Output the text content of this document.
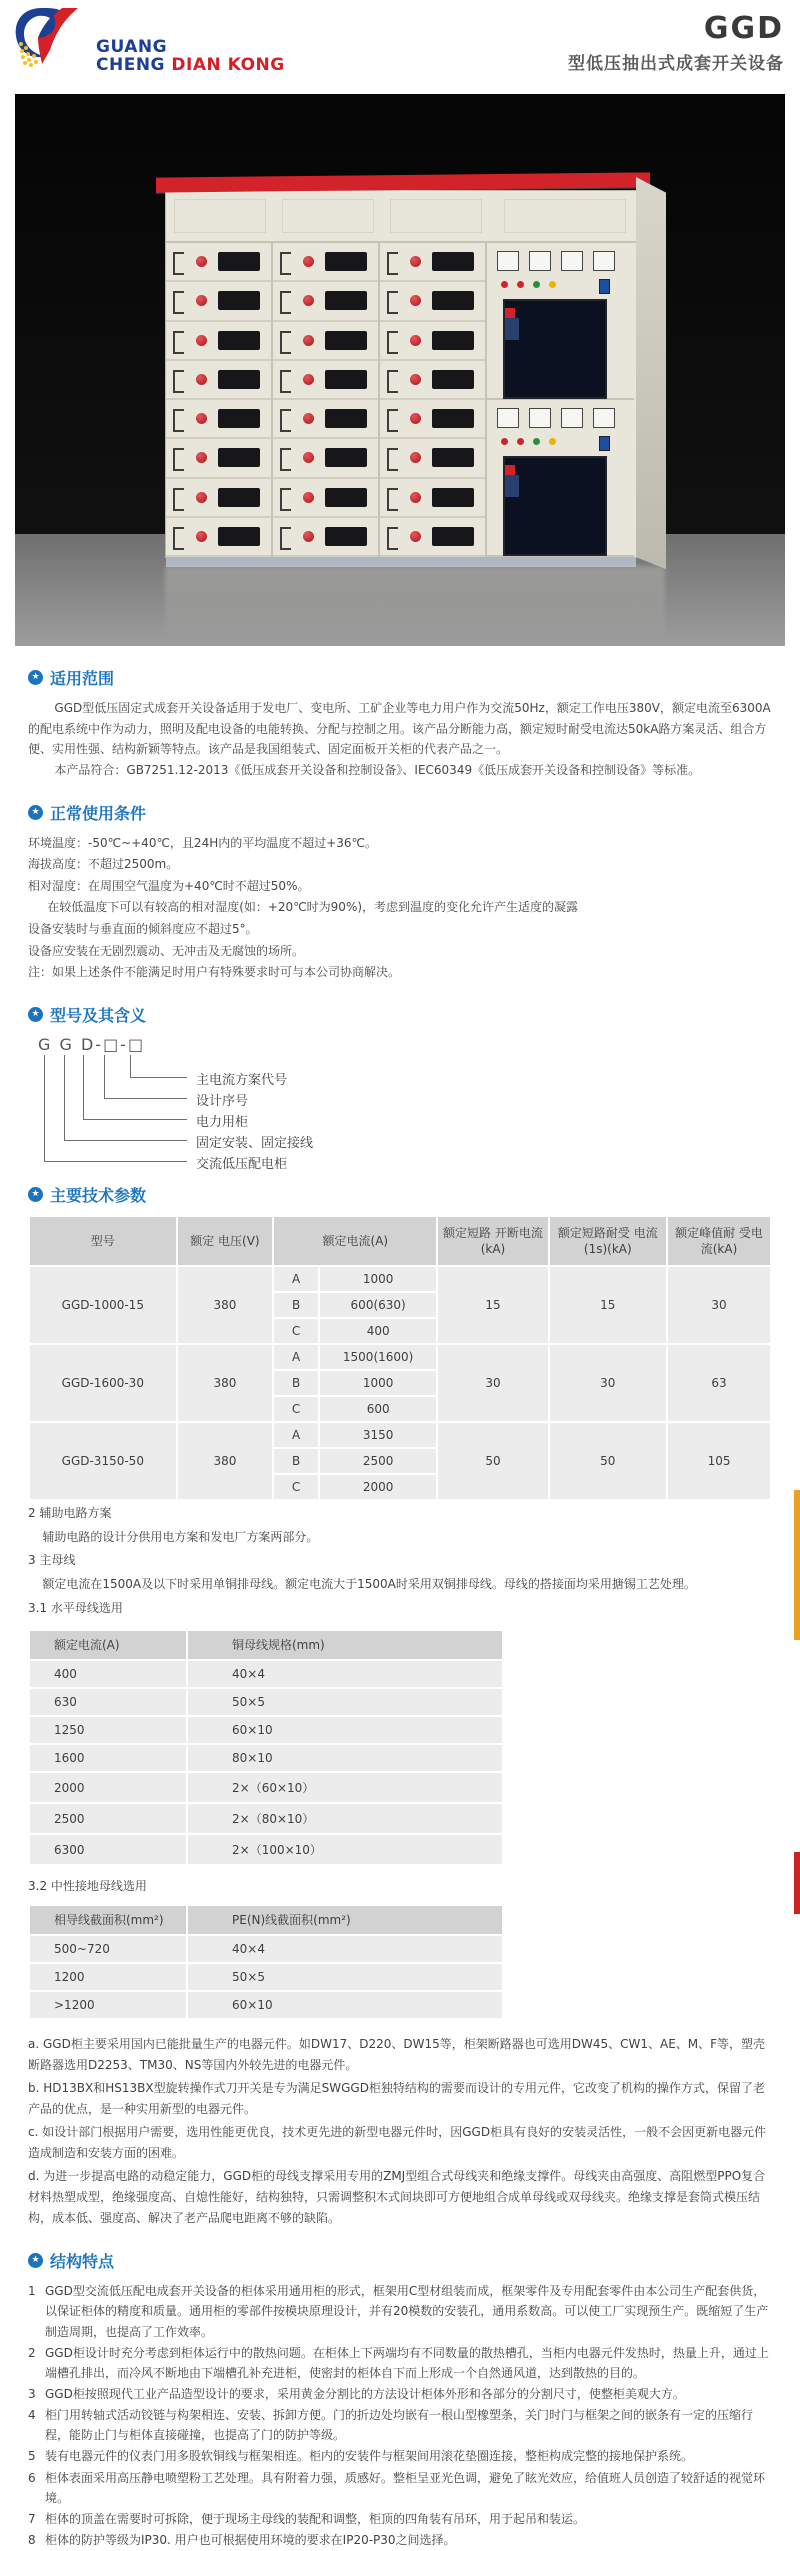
GUANG
CHENG DIAN KONG
GGD
型低压抽出式成套开关设备
★ 适用范围

GGD型低压固定式成套开关设备适用于发电厂、变电所、工矿企业等电力用户作为交流50Hz，额定工作电压380V，额定电流至6300A的配电系统中作为动力，照明及配电设备的电能转换、分配与控制之用。该产品分断能力高，额定短时耐受电流达50kA路方案灵活、组合方便、实用性强、结构新颖等特点。该产品是我国组装式、固定面板开关柜的代表产品之一。

本产品符合：GB7251.12-2013《低压成套开关设备和控制设备》、IEC60349《低压成套开关设备和控制设备》等标准。

★ 正常使用条件

环境温度：-50℃~+40℃，且24H内的平均温度不超过+36℃。

海拔高度：不超过2500m。

相对湿度：在周围空气温度为+40℃时不超过50%。

在较低温度下可以有较高的相对湿度(如：+20℃时为90%)，考虑到温度的变化允许产生适度的凝露

设备安装时与垂直面的倾斜度应不超过5°。

设备应安装在无剧烈震动、无冲击及无腐蚀的场所。

注：如果上述条件不能满足时用户有特殊要求时可与本公司协商解决。

★ 型号及其含义
G G D-□-□
主电流方案代号
设计序号
电力用柜
固定安装、固定接线
交流低压配电柜
★ 主要技术参数
型号	额定 电压(V)	额定电流(A)		额定短路 开断电流(kA)	额定短路耐受 电流(1s)(kA)	额定峰值耐 受电流(kA)
GGD-1000-15	380	A	1000	15	15	30
		B	600(630)			
		C	400			
GGD-1600-30	380	A	1500(1600)	30	30	63
		B	1000			
		C	600			
GGD-3150-50	380	A	3150	50	50	105
		B	2500			
		C	2000			

2 辅助电路方案

辅助电路的设计分供用电方案和发电厂方案两部分。

3 主母线

额定电流在1500A及以下时采用单铜排母线。额定电流大于1500A时采用双铜排母线。母线的搭接面均采用搪锡工艺处理。

3.1 水平母线选用

额定电流(A)	铜母线规格(mm)
400	40×4
630	50×5
1250	60×10
1600	80×10
2000	2×（60×10）
2500	2×（80×10）
6300	2×（100×10）

3.2 中性接地母线选用

相导线截面积(mm²)	PE(N)线截面积(mm²)
500~720	40×4
1200	50×5
>1200	60×10

a. GGD柜主要采用国内已能批量生产的电器元件。如DW17、D220、DW15等，柜架断路器也可选用DW45、CW1、AE、M、F等，塑壳断路器选用D2253、TM30、NS等国内外较先进的电器元件。

b. HD13BX和HS13BX型旋转操作式刀开关是专为满足SWGGD柜独特结构的需要而设计的专用元件，它改变了机构的操作方式，保留了老产品的优点，是一种实用新型的电器元件。

c. 如设计部门根据用户需要，选用性能更优良，技术更先进的新型电器元件时，因GGD柜具有良好的安装灵活性，一般不会因更新电器元件造成制造和安装方面的困难。

d. 为进一步提高电路的动稳定能力，GGD柜的母线支撑采用专用的ZMJ型组合式母线夹和绝缘支撑件。母线夹由高强度、高阻燃型PPO复合材料热塑成型，绝缘强度高、自熄性能好，结构独特，只需调整积木式间块即可方便地组合成单母线或双母线夹。绝缘支撑是套筒式模压结构，成本低、强度高、解决了老产品爬电距离不够的缺陷。

★ 结构特点
1 GGD型交流低压配电成套开关设备的柜体采用通用柜的形式，框架用C型材组装而成，框架零件及专用配套零件由本公司生产配套供货，以保证柜体的精度和质量。通用柜的零部件按模块原理设计，并有20模数的安装孔，通用系数高。可以使工厂实现预生产。既缩短了生产制造周期，也提高了工作效率。
2 GGD柜设计时充分考虑到柜体运行中的散热问题。在柜体上下两端均有不同数量的散热槽孔，当柜内电器元件发热时，热量上升，通过上端槽孔排出，而冷风不断地由下端槽孔补充进柜，使密封的柜体自下而上形成一个自然通风道，达到散热的目的。
3 GGD柜按照现代工业产品造型设计的要求，采用黄金分割比的方法设计柜体外形和各部分的分割尺寸，使整柜美观大方。
4 柜门用转轴式活动铰链与构架相连、安装、拆卸方便。门的折边处均嵌有一根山型橡塑条，关门时门与框架之间的嵌条有一定的压缩行程，能防止门与柜体直接碰撞，也提高了门的防护等级。
5 装有电器元件的仪表门用多股软铜线与框架相连。柜内的安装件与框架间用滚花垫圈连接，整柜构成完整的接地保护系统。
6 柜体表面采用高压静电喷塑粉工艺处理。具有附着力强，质感好。整柜呈亚光色调，避免了眩光效应，给值班人员创造了较舒适的视觉环境。
7 柜体的顶盖在需要时可拆除，便于现场主母线的装配和调整，柜顶的四角装有吊环，用于起吊和装运。
8 柜体的防护等级为IP30. 用户也可根据使用环境的要求在IP20-P30之间选择。
